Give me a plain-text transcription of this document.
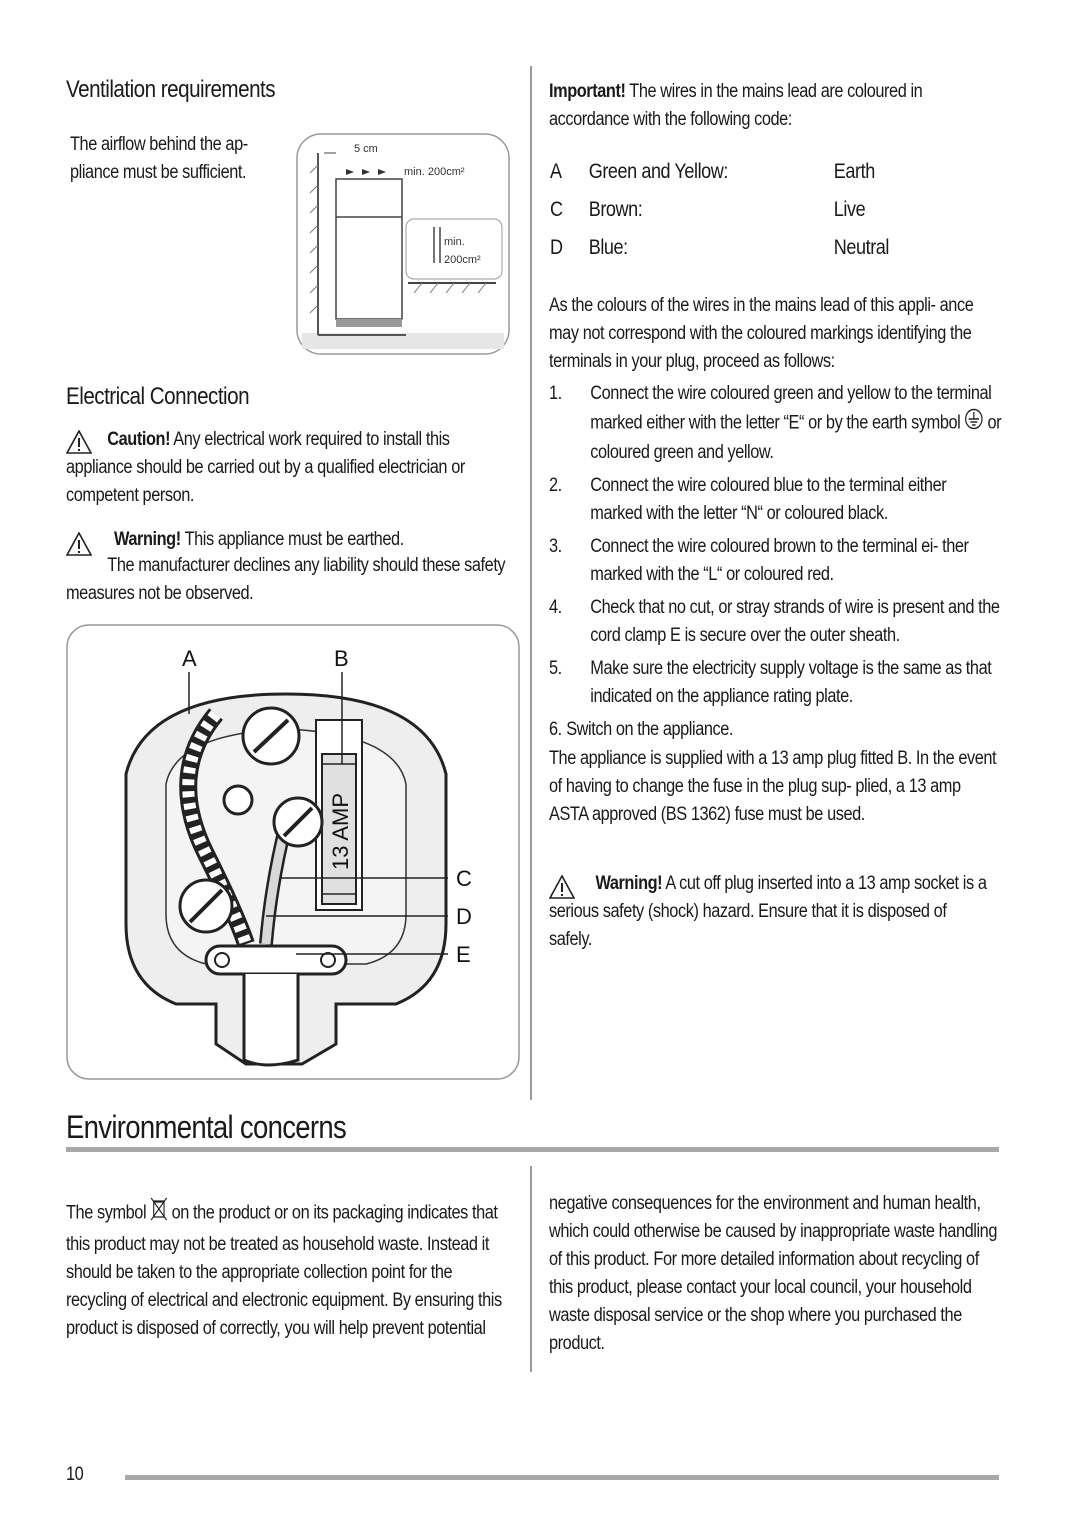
Ventilation requirements
The airflow behind the ap- pliance must be sufficient.
5 cm
min. 200cm²
min.
200cm²
Electrical Connection
Caution! Any electrical work required to install this appliance should be carried out by a qualified electrician or competent person.
Warning! This appliance must be earthed.
The manufacturer declines any liability should these safety measures not be observed.
13 AMP
A	B
C
D
E
Important! The wires in the mains lead are coloured in accordance with the following code:
A Green and Yellow:	Earth
C Brown:	Live
D Blue:	Neutral
As the colours of the wires in the mains lead of this appli- ance may not correspond with the coloured markings identifying the terminals in your plug, proceed as follows:
1. Connect the wire coloured green and yellow to the terminal marked either with the letter “E“ or by the earth symbol  or coloured green and yellow.
2. Connect the wire coloured blue to the terminal either marked with the letter “N“ or coloured black.
3. Connect the wire coloured brown to the terminal ei- ther marked with the “L“ or coloured red.
4. Check that no cut, or stray strands of wire is present and the cord clamp E is secure over the outer sheath.
5. Make sure the electricity supply voltage is the same as that indicated on the appliance rating plate.
6. Switch on the appliance.
The appliance is supplied with a 13 amp plug fitted B. In the event of having to change the fuse in the plug sup- plied, a 13 amp ASTA approved (BS 1362) fuse must be used.
Warning! A cut off plug inserted into a 13 amp socket is a serious safety (shock) hazard. Ensure that it is disposed of safely.
Environmental concerns
The symbol  on the product or on its packaging indicates that this product may not be treated as household waste. Instead it should be taken to the appropriate collection point for the recycling of electrical and electronic equipment. By ensuring this product is disposed of correctly, you will help prevent potential
negative consequences for the environment and human health, which could otherwise be caused by inappropriate waste handling of this product. For more detailed information about recycling of this product, please contact your local council, your household waste disposal service or the shop where you purchased the product.
10
